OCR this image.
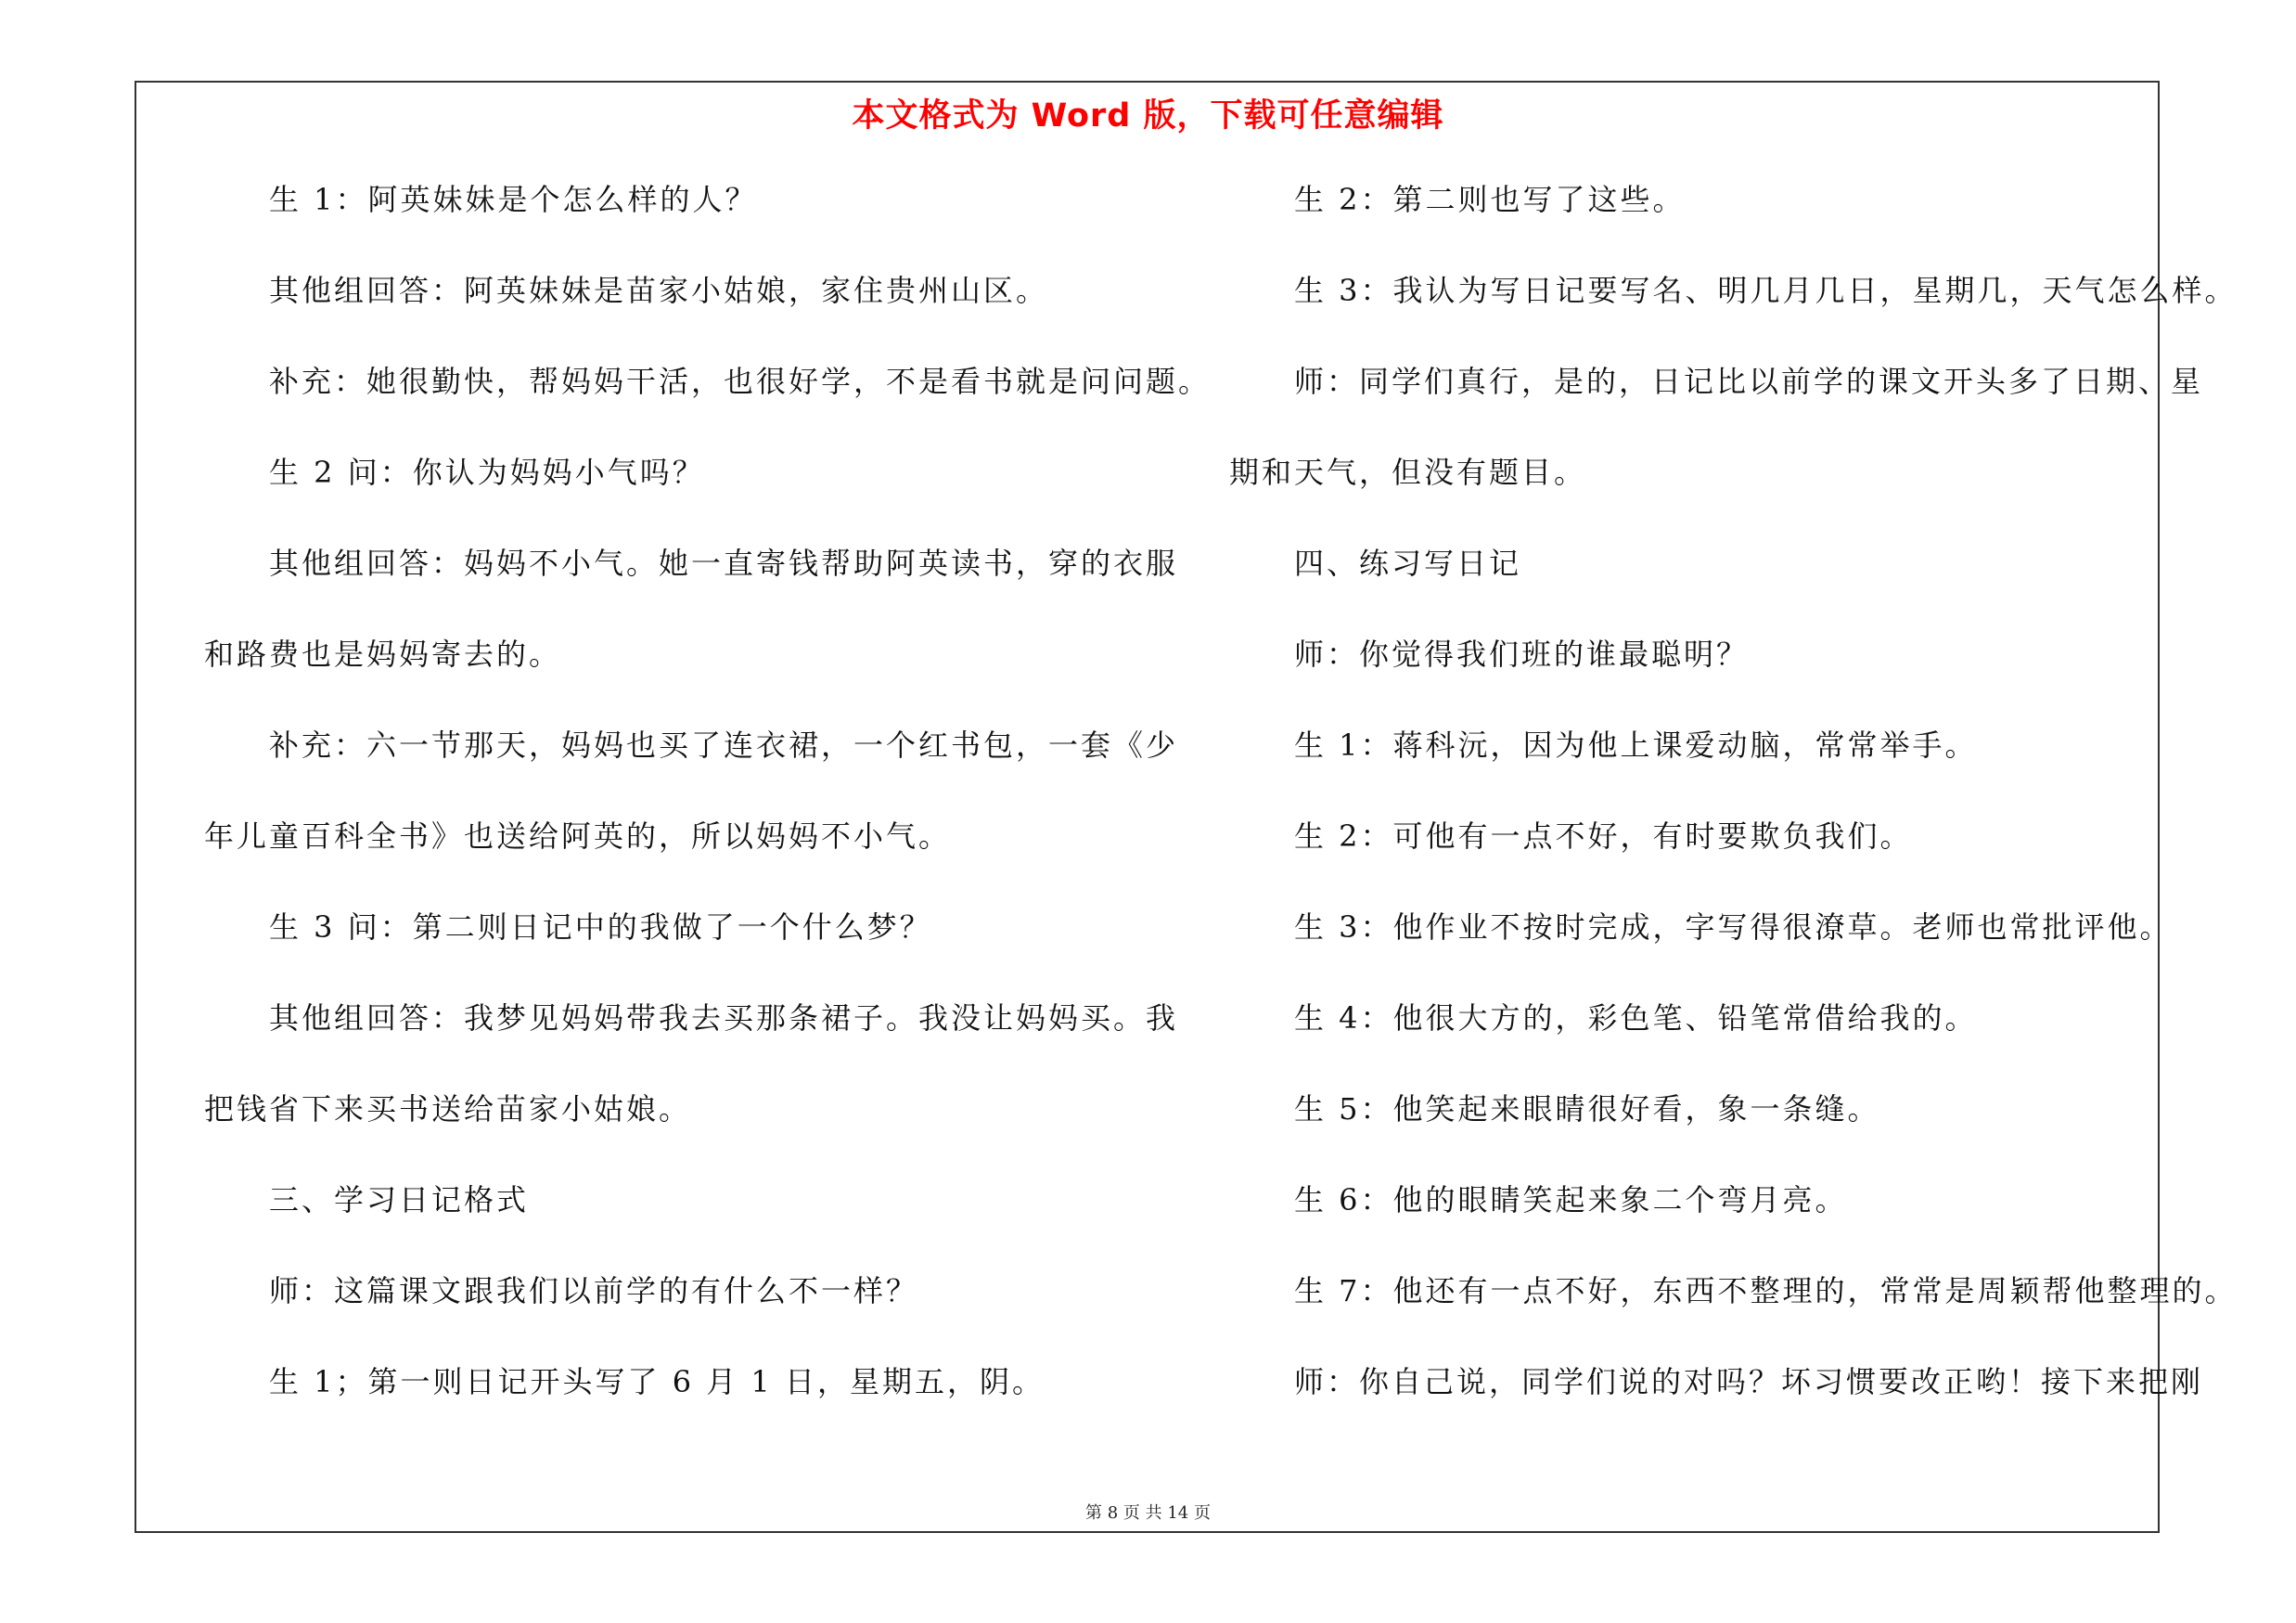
本文格式为 Word 版，下载可任意编辑
生 1：阿英妹妹是个怎么样的人？
其他组回答：阿英妹妹是苗家小姑娘，家住贵州山区。
补充：她很勤快，帮妈妈干活，也很好学，不是看书就是问问题。
生 2 问：你认为妈妈小气吗？
其他组回答：妈妈不小气。她一直寄钱帮助阿英读书，穿的衣服
和路费也是妈妈寄去的。
补充：六一节那天，妈妈也买了连衣裙，一个红书包，一套《少
年儿童百科全书》也送给阿英的，所以妈妈不小气。
生 3 问：第二则日记中的我做了一个什么梦？
其他组回答：我梦见妈妈带我去买那条裙子。我没让妈妈买。我
把钱省下来买书送给苗家小姑娘。
三、学习日记格式
师：这篇课文跟我们以前学的有什么不一样？
生 1；第一则日记开头写了 6 月 1 日，星期五，阴。
生 2：第二则也写了这些。
生 3：我认为写日记要写名、明几月几日，星期几，天气怎么样。
师：同学们真行，是的，日记比以前学的课文开头多了日期、星
期和天气，但没有题目。
四、练习写日记
师：你觉得我们班的谁最聪明？
生 1：蒋科沅，因为他上课爱动脑，常常举手。
生 2：可他有一点不好，有时要欺负我们。
生 3：他作业不按时完成，字写得很潦草。老师也常批评他。
生 4：他很大方的，彩色笔、铅笔常借给我的。
生 5：他笑起来眼睛很好看，象一条缝。
生 6：他的眼睛笑起来象二个弯月亮。
生 7：他还有一点不好，东西不整理的，常常是周颖帮他整理的。
师：你自己说，同学们说的对吗？坏习惯要改正哟！接下来把刚
第 8 页 共 14 页
